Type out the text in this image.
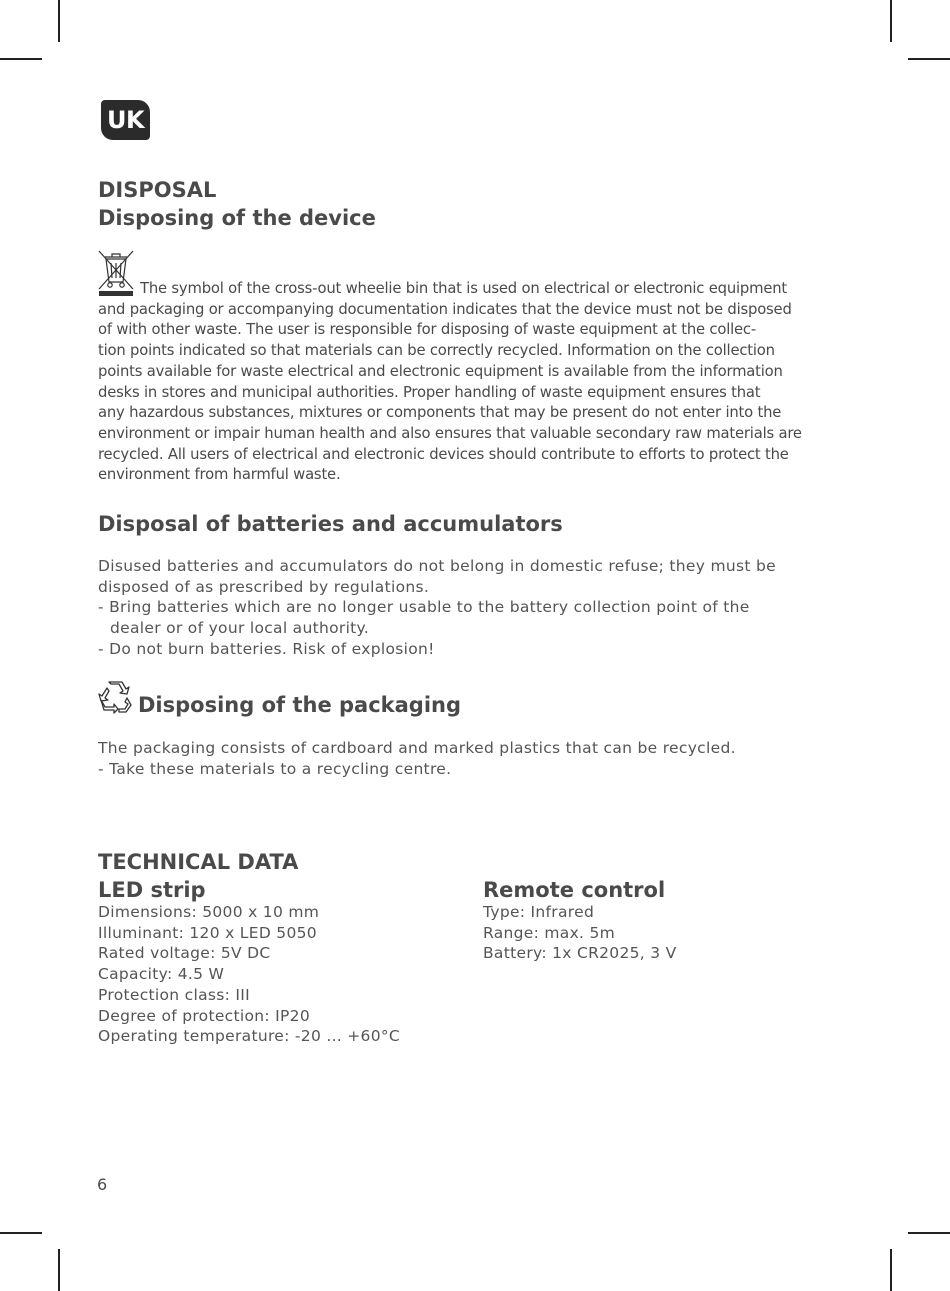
UK
DISPOSAL
Disposing of the device
The symbol of the cross-out wheelie bin that is used on electrical or electronic equipment
and packaging or accompanying documentation indicates that the device must not be disposed
of with other waste. The user is responsible for disposing of waste equipment at the collec-
tion points indicated so that materials can be correctly recycled. Information on the collection
points available for waste electrical and electronic equipment is available from the information
desks in stores and municipal authorities. Proper handling of waste equipment ensures that
any hazardous substances, mixtures or components that may be present do not enter into the
environment or impair human health and also ensures that valuable secondary raw materials are
recycled. All users of electrical and electronic devices should contribute to efforts to protect the
environment from harmful waste.
Disposal of batteries and accumulators
Disused batteries and accumulators do not belong in domestic refuse; they must be
disposed of as prescribed by regulations.
- Bring batteries which are no longer usable to the battery collection point of the
dealer or of your local authority.
- Do not burn batteries. Risk of explosion!
Disposing of the packaging
The packaging consists of cardboard and marked plastics that can be recycled.
- Take these materials to a recycling centre.
TECHNICAL DATA
LED strip	Remote control
Dimensions: 5000 x 10 mm
Illuminant: 120 x LED 5050
Rated voltage: 5V DC
Capacity: 4.5 W
Protection class: III
Degree of protection: IP20
Operating temperature: -20 ... +60°C
Type: Infrared
Range: max. 5m
Battery: 1x CR2025, 3 V
6
